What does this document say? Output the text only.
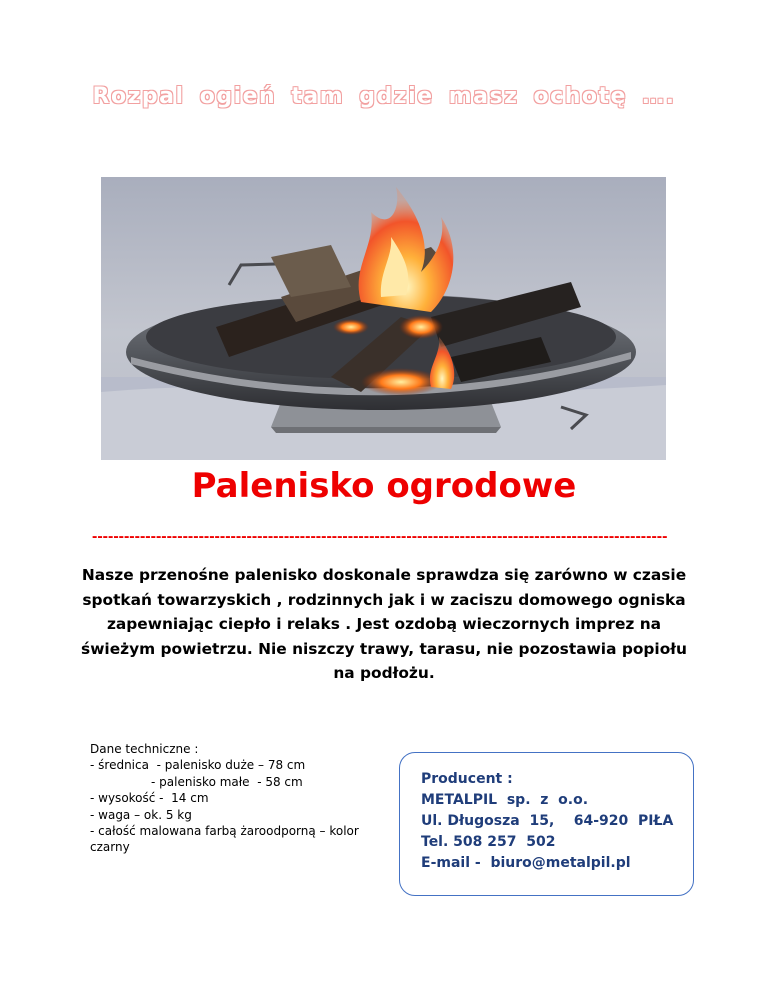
Rozpal ogień tam gdzie masz ochotę ….
Palenisko ogrodowe
------------------------------------------------------------------------------------------------------------
Nasze przenośne palenisko doskonale sprawdza się zarówno w czasie spotkań towarzyskich , rodzinnych jak i w zaciszu domowego ogniska zapewniając ciepło i relaks . Jest ozdobą wieczornych imprez na świeżym powietrzu. Nie niszczy trawy, tarasu, nie pozostawia popiołu na podłożu.
Dane techniczne :
- średnica  - palenisko duże – 78 cm
- palenisko małe  - 58 cm
- wysokość -  14 cm
- waga – ok. 5 kg
- całość malowana farbą żaroodporną – kolor czarny
Producent :
METALPIL  sp.  z  o.o.
Ul. Długosza  15,    64-920  PIŁA
Tel. 508 257  502
E-mail -  biuro@metalpil.pl
